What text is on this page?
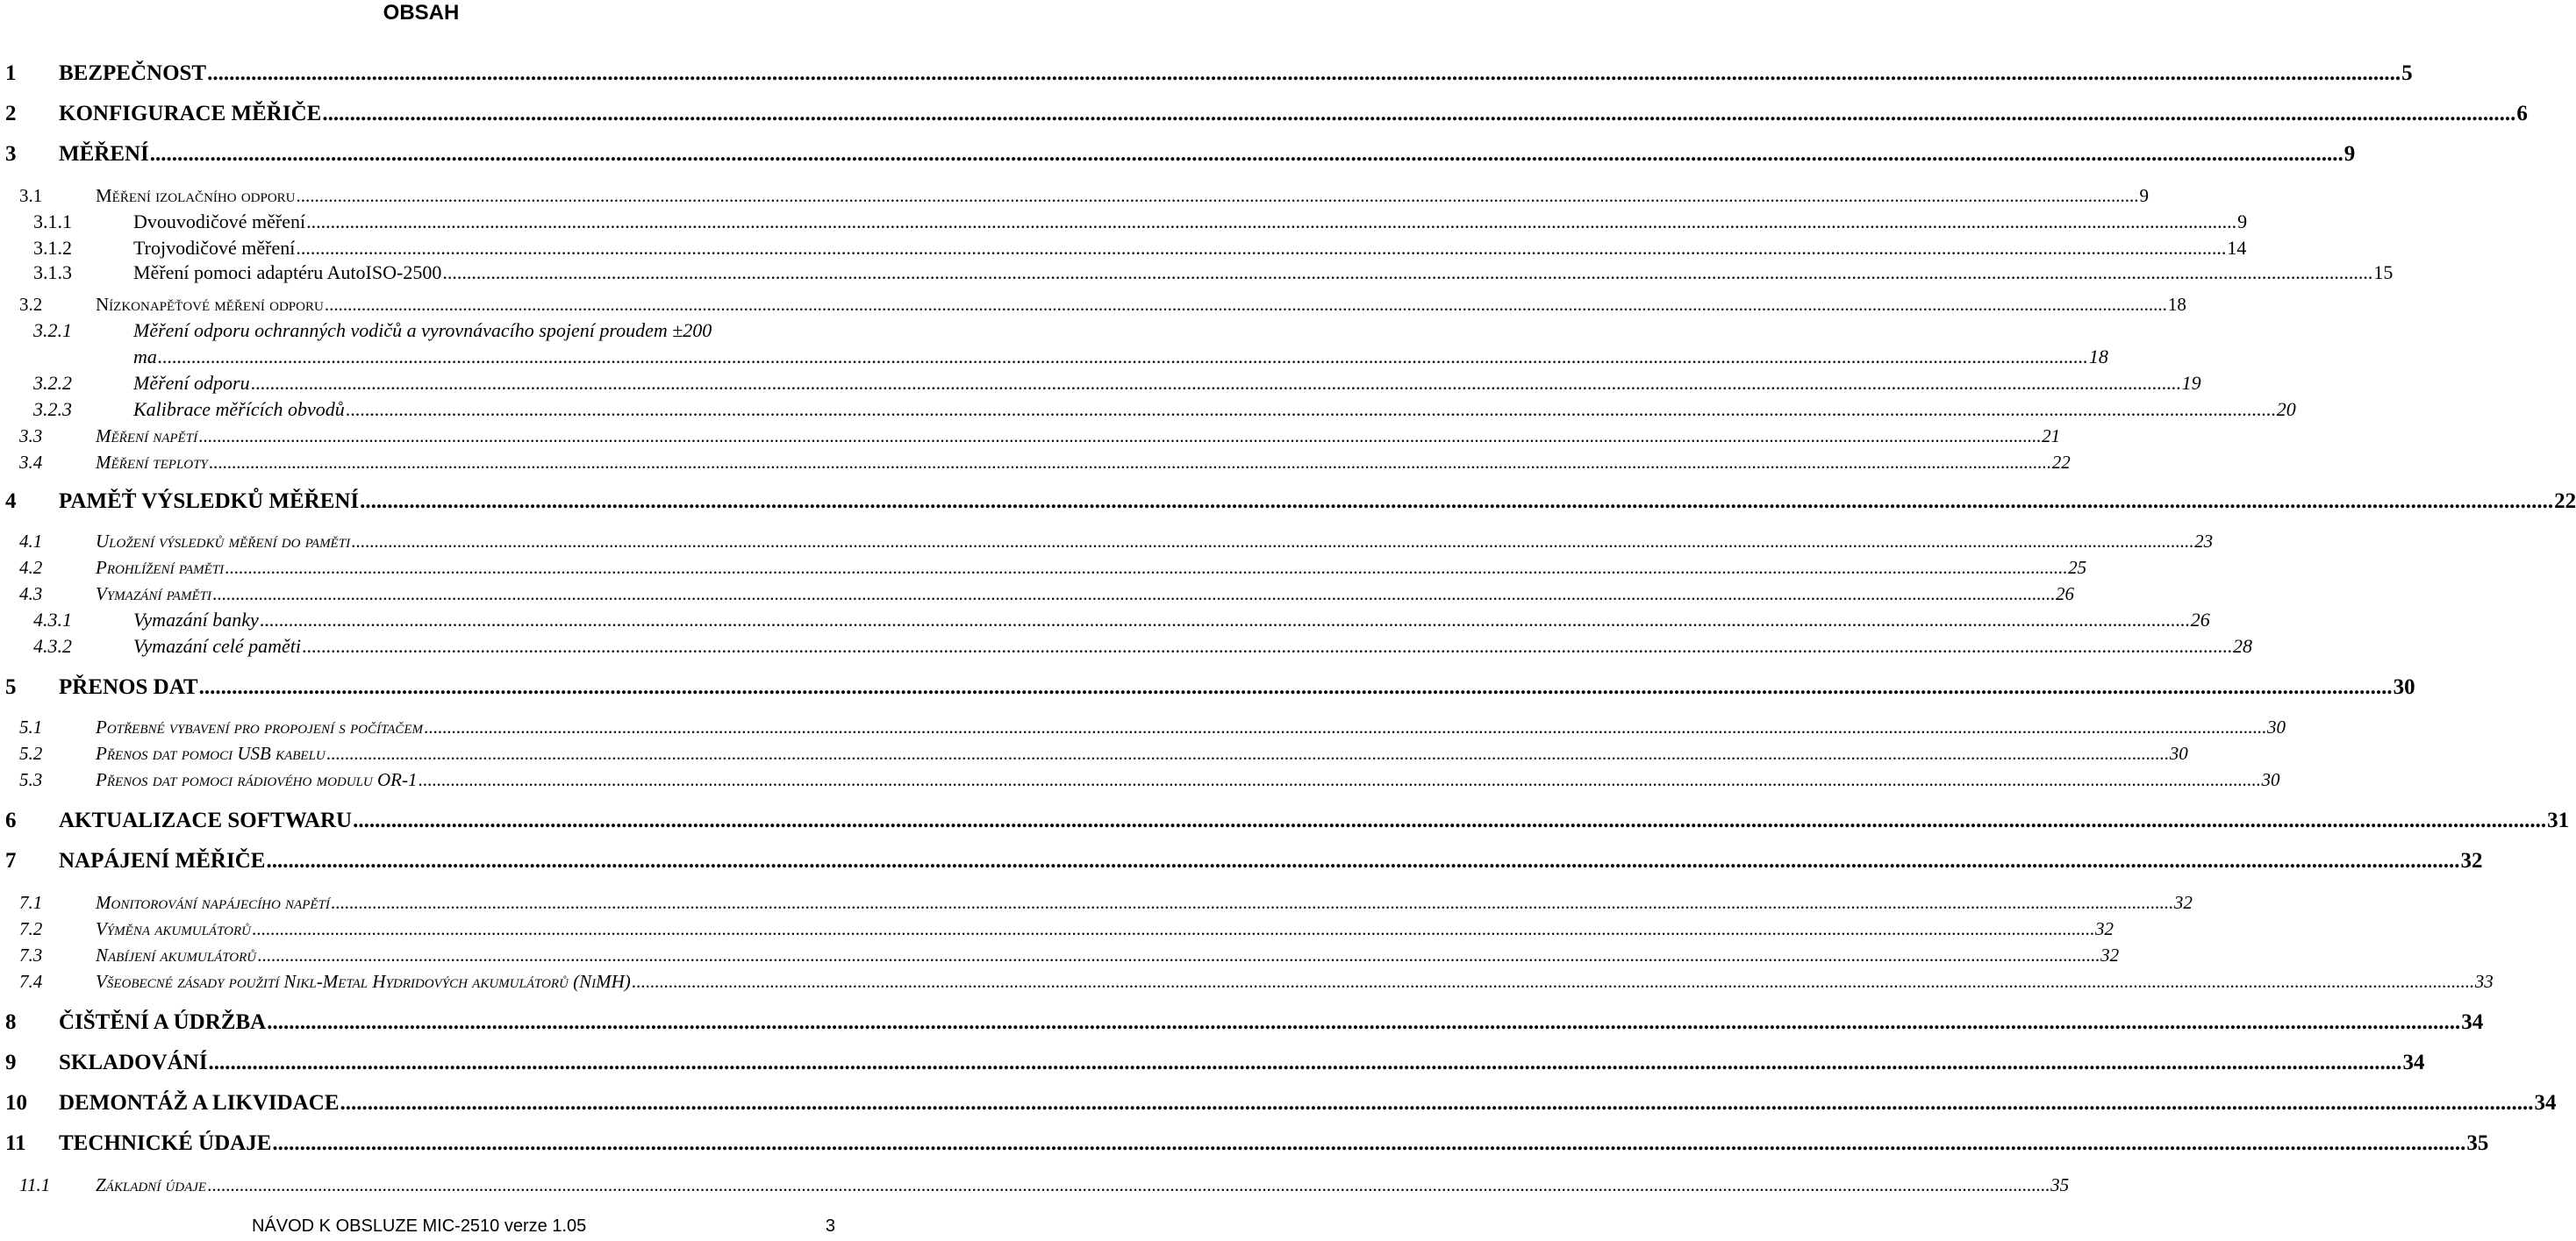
OBSAH
1	BEZPEČNOST ................................................................................................................................................................................................................................................................................................................................................................................................................ 5
2	KONFIGURACE MĚŘIČE ................................................................................................................................................................................................................................................................................................................................................................................................................ 6
3	MĚŘENÍ ................................................................................................................................................................................................................................................................................................................................................................................................................ 9
3.1	Měření izolačního odporu ................................................................................................................................................................................................................................................................................................................................................................................................................ 9
3.1.1	Dvouvodičové měření ................................................................................................................................................................................................................................................................................................................................................................................................................ 9
3.1.2	Trojvodičové měření ................................................................................................................................................................................................................................................................................................................................................................................................................ 14
3.1.3	Měření pomoci adaptéru AutoISO-2500 ................................................................................................................................................................................................................................................................................................................................................................................................................ 15
3.2	Nízkonapěťové měření odporu ................................................................................................................................................................................................................................................................................................................................................................................................................ 18
3.2.1	Měření odporu ochranných vodičů a vyrovnávacího spojení proudem ±200
ma ................................................................................................................................................................................................................................................................................................................................................................................................................ 18
3.2.2	Měření odporu ................................................................................................................................................................................................................................................................................................................................................................................................................ 19
3.2.3	Kalibrace měřících obvodů ................................................................................................................................................................................................................................................................................................................................................................................................................ 20
3.3	Měření napětí ................................................................................................................................................................................................................................................................................................................................................................................................................ 21
3.4	Měření teploty ................................................................................................................................................................................................................................................................................................................................................................................................................ 22
4	PAMĚŤ VÝSLEDKŮ MĚŘENÍ ................................................................................................................................................................................................................................................................................................................................................................................................................ 22
4.1	Uložení výsledků měření do paměti ................................................................................................................................................................................................................................................................................................................................................................................................................ 23
4.2	Prohlížení paměti ................................................................................................................................................................................................................................................................................................................................................................................................................ 25
4.3	Vymazání paměti ................................................................................................................................................................................................................................................................................................................................................................................................................ 26
4.3.1	Vymazání banky ................................................................................................................................................................................................................................................................................................................................................................................................................ 26
4.3.2	Vymazání celé paměti ................................................................................................................................................................................................................................................................................................................................................................................................................ 28
5	PŘENOS DAT ................................................................................................................................................................................................................................................................................................................................................................................................................ 30
5.1	Potřebné vybavení pro propojení s počítačem ................................................................................................................................................................................................................................................................................................................................................................................................................ 30
5.2	Přenos dat pomoci USB kabelu ................................................................................................................................................................................................................................................................................................................................................................................................................ 30
5.3	Přenos dat pomoci rádiového modulu OR-1 ................................................................................................................................................................................................................................................................................................................................................................................................................ 30
6	AKTUALIZACE SOFTWARU ................................................................................................................................................................................................................................................................................................................................................................................................................ 31
7	NAPÁJENÍ MĚŘIČE ................................................................................................................................................................................................................................................................................................................................................................................................................ 32
7.1	Monitorování napájecího napětí ................................................................................................................................................................................................................................................................................................................................................................................................................ 32
7.2	Výměna akumulátorů ................................................................................................................................................................................................................................................................................................................................................................................................................ 32
7.3	Nabíjení akumulátorů ................................................................................................................................................................................................................................................................................................................................................................................................................ 32
7.4	Všeobecné zásady použití Nikl-Metal Hydridových akumulátorů (NiMH) ................................................................................................................................................................................................................................................................................................................................................................................................................ 33
8	ČIŠTĚNÍ A ÚDRŽBA ................................................................................................................................................................................................................................................................................................................................................................................................................ 34
9	SKLADOVÁNÍ ................................................................................................................................................................................................................................................................................................................................................................................................................ 34
10	DEMONTÁŽ A LIKVIDACE ................................................................................................................................................................................................................................................................................................................................................................................................................ 34
11	TECHNICKÉ ÚDAJE ................................................................................................................................................................................................................................................................................................................................................................................................................ 35
11.1	Základní údaje ................................................................................................................................................................................................................................................................................................................................................................................................................ 35
NÁVOD K OBSLUZE MIC-2510 verze 1.05	3
